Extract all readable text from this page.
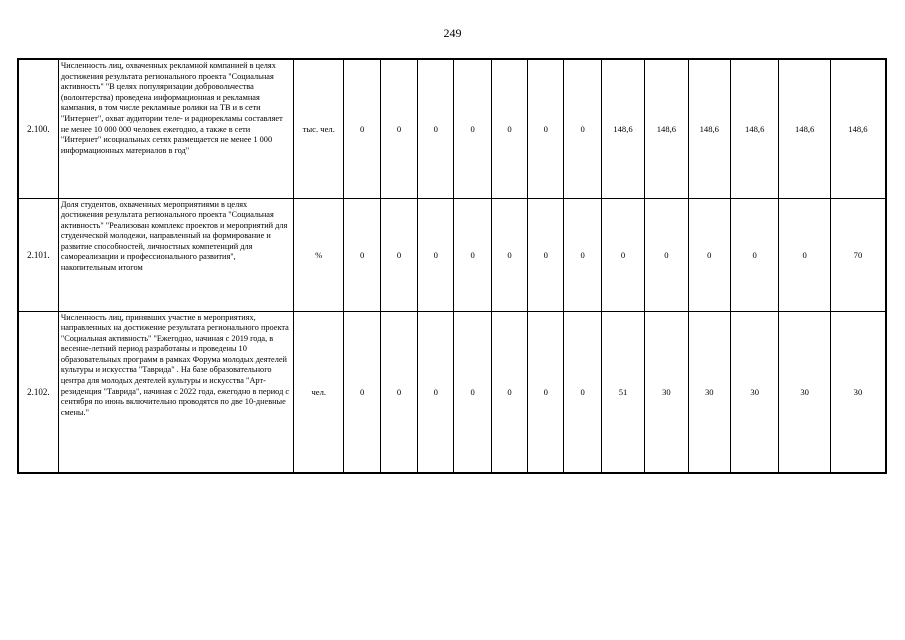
249
2.100.	Численность лиц, охваченных рекламной компанией в целях достижения результата регионального проекта "Социальная активность" "В целях популяризации добровольчества (волонтерства) проведена информационная и рекламная кампания, в том числе рекламные ролики на ТВ и в сети "Интернет", охват аудитории теле- и радиорекламы составляет не менее 10 000 000 человек ежегодно, а также в сети "Интернет" исоциальных сетях размещается не менее 1 000 информационных материалов в год"	тыс. чел.	0	0	0	0	0	0	0	148,6	148,6	148,6	148,6	148,6	148,6
2.101.	Доля студентов, охваченных мероприятиями в целях достижения результата регионального проекта "Социальная активность" "Реализован комплекс проектов и мероприятий для студенческой молодежи, направленный на формирование и развитие способностей, личностных компетенций для самореализации и профессионального развития", накопительным итогом	%	0	0	0	0	0	0	0	0	0	0	0	0	70
2.102.	Численность лиц, принявших участие в мероприятиях, направленных на достижение результата регионального проекта "Социальная активность" "Ежегодно, начиная с 2019 года, в весенне-летний период разработаны и проведены 10 образовательных программ в рамках Форума молодых деятелей культуры и искусства "Таврида" . На базе образовательного центра для молодых деятелей культуры и искусства "Арт-резиденция "Таврида", начиная с 2022 года, ежегодно в период с сентября по июнь включительно проводятся по две 10-дневные смены."	чел.	0	0	0	0	0	0	0	51	30	30	30	30	30
